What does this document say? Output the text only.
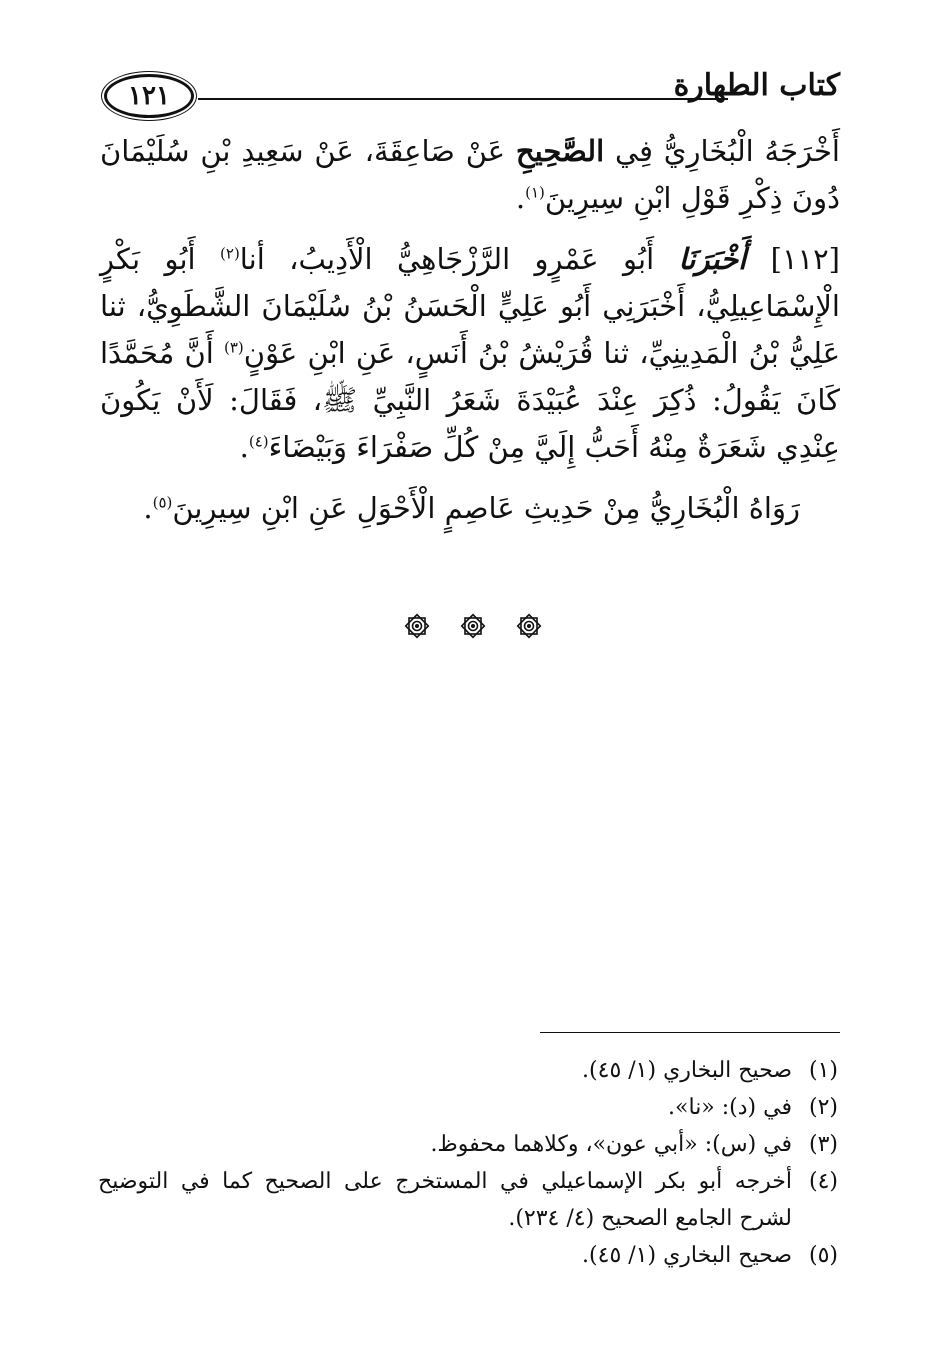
١٢١	كتاب الطهارة

أَخْرَجَهُ الْبُخَارِيُّ فِي الصَّحِيحِ عَنْ صَاعِقَةَ، عَنْ سَعِيدِ بْنِ سُلَيْمَانَ دُونَ ذِكْرِ قَوْلِ ابْنِ سِيرِينَ$^{(١)}$.

[١١٢] أَخْبَرَنَا أَبُو عَمْرٍو الرَّزْجَاهِيُّ الْأَدِيبُ، أنا$^{(٢)}$ أَبُو بَكْرٍ الْإِسْمَاعِيلِيُّ، أَخْبَرَنِي أَبُو عَلِيٍّ الْحَسَنُ بْنُ سُلَيْمَانَ الشَّطَوِيُّ، ثنا عَلِيُّ بْنُ الْمَدِينِيِّ، ثنا قُرَيْشُ بْنُ أَنَسٍ، عَنِ ابْنِ عَوْنٍ$^{(٣)}$ أَنَّ مُحَمَّدًا كَانَ يَقُولُ: ذُكِرَ عِنْدَ عُبَيْدَةَ شَعَرُ النَّبِيِّ ﷺ، فَقَالَ: لَأَنْ يَكُونَ عِنْدِي شَعَرَةٌ مِنْهُ أَحَبُّ إِلَيَّ مِنْ كُلِّ صَفْرَاءَ وَبَيْضَاءَ$^{(٤)}$.

رَوَاهُ الْبُخَارِيُّ مِنْ حَدِيثِ عَاصِمٍ الْأَحْوَلِ عَنِ ابْنِ سِيرِينَ$^{(٥)}$.

(١)
صحيح البخاري (١/ ٤٥).
(٢)
في (د): «نا».
(٣)
في (س): «أبي عون»، وكلاهما محفوظ.
(٤)
أخرجه أبو بكر الإسماعيلي في المستخرج على الصحيح كما في التوضيح لشرح الجامع الصحيح (٤/ ٢٣٤).
(٥)
صحيح البخاري (١/ ٤٥).
